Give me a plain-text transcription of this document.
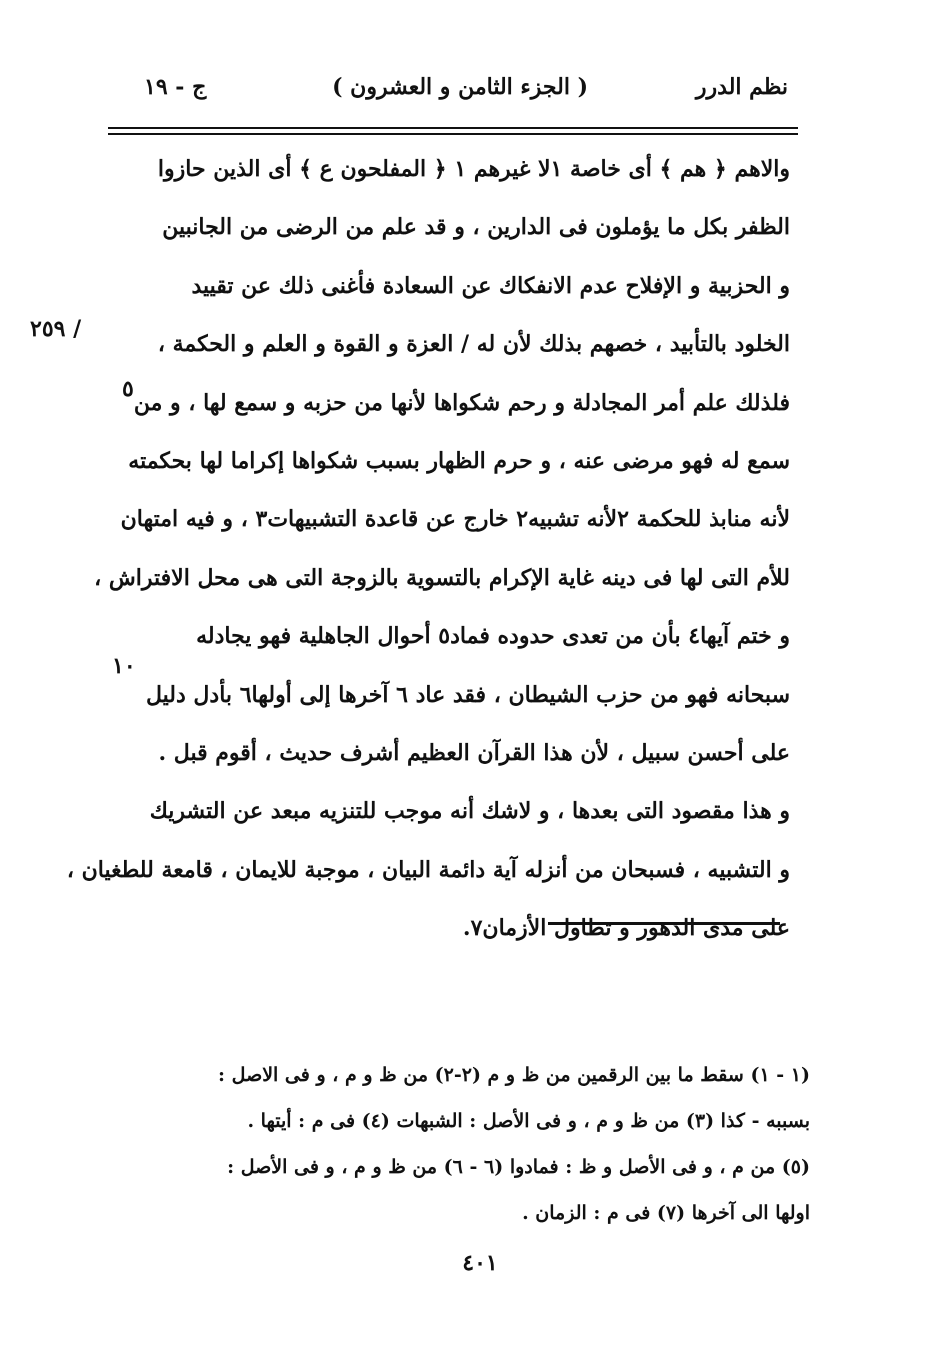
نظم الدرر
( الجزء الثامن و العشرون )
ج - ١٩
والاهم ﴿ هم ﴾ أى خاصة ١لا غيرهم ١ ﴿ المفلحون ع ﴾ أى الذين حازوا
الظفر بكل ما يؤملون فى الدارين ، و قد علم من الرضى من الجانبين
و الحزبية و الإفلاح عدم الانفكاك عن السعادة فأغنى ذلك عن تقييد
الخلود بالتأبيد ، خصهم بذلك لأن له / العزة و القوة و العلم و الحكمة ،
فلذلك علم أمر المجادلة و رحم شكواها لأنها من حزبه و سمع لها ، و من
سمع له فهو مرضى عنه ، و حرم الظهار بسبب شكواها إكراما لها بحكمته
لأنه منابذ للحكمة ٢لأنه تشبيه٢ خارج عن قاعدة التشبيهات٣ ، و فيه امتهان
للأم التى لها فى دينه غاية الإكرام بالتسوية بالزوجة التى هى محل الافتراش ،
و ختم آيها٤ بأن من تعدى حدوده فماد٥ أحوال الجاهلية فهو يجادله
سبحانه فهو من حزب الشيطان ، فقد عاد ٦ آخرها إلى أولها٦ بأدل دليل
على أحسن سبيل ، لأن هذا القرآن العظيم أشرف حديث ، أقوم قبل .
و هذا مقصود التى بعدها ، و لاشك أنه موجب للتنزيه مبعد عن التشريك
و التشبيه ، فسبحان من أنزله آية دائمة البيان ، موجبة للايمان ، قامعة للطغيان ،
على مدى الدهور و تطاول الأزمان٧.
/ ٢٥٩
٥
١٠
(١ - ١) سقط ما بين الرقمين من ظ و م (٢-٢) من ظ و م ، و فى الاصل :
بسببه - كذا (٣) من ظ و م ، و فى الأصل : الشبهات (٤) فى م : أيتها .
(٥) من م ، و فى الأصل و ظ : فمادوا (٦ - ٦) من ظ و م ، و فى الأصل :
اولها الى آخرها (٧) فى م : الزمان .
٤٠١
